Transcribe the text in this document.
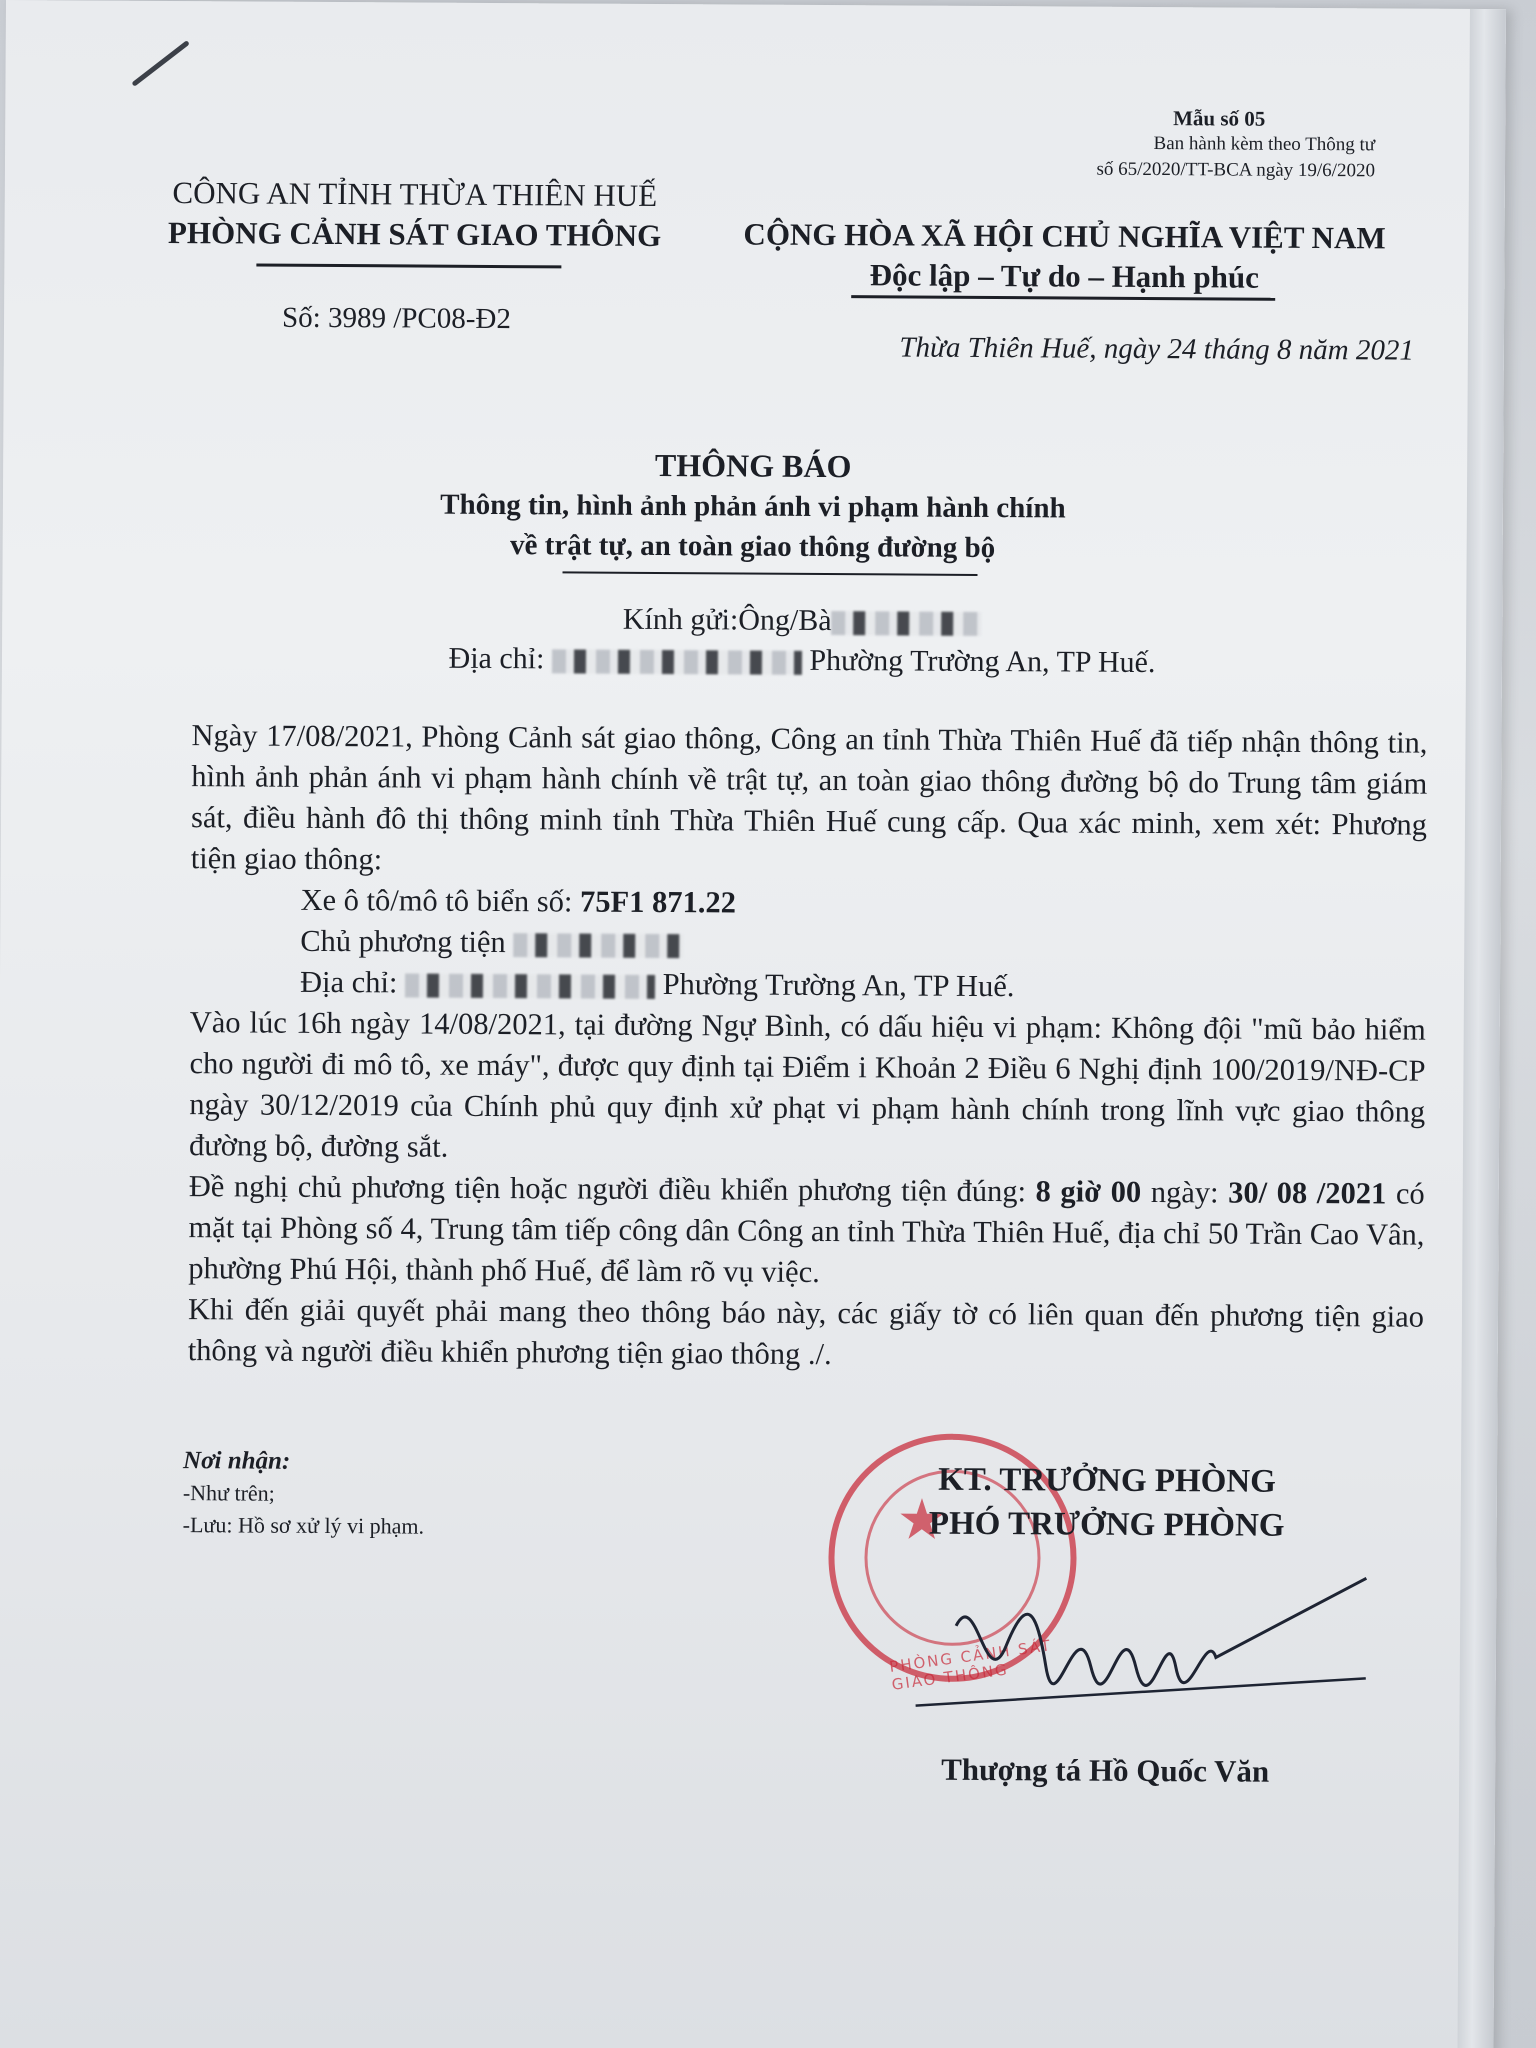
Mẫu số 05
Ban hành kèm theo Thông tư
số 65/2020/TT-BCA ngày 19/6/2020
CÔNG AN TỈNH THỪA THIÊN HUẾ
PHÒNG CẢNH SÁT GIAO THÔNG	CỘNG HÒA XÃ HỘI CHỦ NGHĨA VIỆT NAM
Độc lập – Tự do – Hạnh phúc
Số: 3989 /PC08-Đ2
Thừa Thiên Huế, ngày 24 tháng 8 năm 2021
THÔNG BÁO
Thông tin, hình ảnh phản ánh vi phạm hành chính
về trật tự, an toàn giao thông đường bộ
Kính gửi:Ông/Bà
Địa chỉ:	Phường Trường An, TP Huế.

Ngày 17/08/2021, Phòng Cảnh sát giao thông, Công an tỉnh Thừa Thiên Huế đã tiếp nhận thông tin, hình ảnh phản ánh vi phạm hành chính về trật tự, an toàn giao thông đường bộ do Trung tâm giám sát, điều hành đô thị thông minh tỉnh Thừa Thiên Huế cung cấp. Qua xác minh, xem xét: Phương tiện giao thông:

Xe ô tô/mô tô biển số: 75F1 871.22

Chủ phương tiện

Địa chỉ:	Phường Trường An, TP Huế.

Vào lúc 16h ngày 14/08/2021, tại đường Ngự Bình, có dấu hiệu vi phạm: Không đội "mũ bảo hiểm cho người đi mô tô, xe máy", được quy định tại Điểm i Khoản 2 Điều 6 Nghị định 100/2019/NĐ-CP ngày 30/12/2019 của Chính phủ quy định xử phạt vi phạm hành chính trong lĩnh vực giao thông đường bộ, đường sắt.

Đề nghị chủ phương tiện hoặc người điều khiển phương tiện đúng: 8 giờ 00 ngày: 30/ 08 /2021 có mặt tại Phòng số 4, Trung tâm tiếp công dân Công an tỉnh Thừa Thiên Huế, địa chỉ 50 Trần Cao Vân, phường Phú Hội, thành phố Huế, để làm rõ vụ việc.

Khi đến giải quyết phải mang theo thông báo này, các giấy tờ có liên quan đến phương tiện giao thông và người điều khiển phương tiện giao thông ./.

Nơi nhận:
-Như trên;
-Lưu: Hồ sơ xử lý vi phạm.	★
PHÒNG CẢNH SÁT GIAO THÔNG
KT. TRƯỞNG PHÒNG
PHÓ TRƯỞNG PHÒNG
Thượng tá Hồ Quốc Văn
